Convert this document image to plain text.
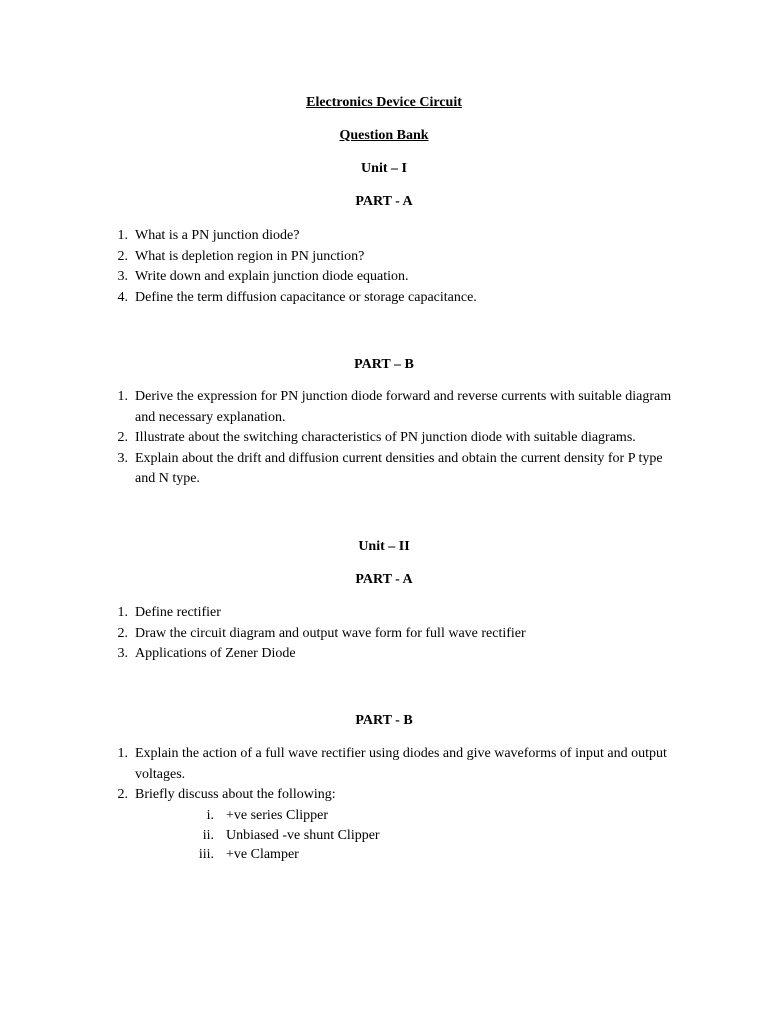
Electronics Device Circuit
Question Bank
Unit – I
PART - A
1. What is a PN junction diode?
2. What is depletion region in PN junction?
3. Write down and explain junction diode equation.
4. Define the term diffusion capacitance or storage capacitance.
PART – B
1. Derive the expression for PN junction diode forward and reverse currents with suitable diagram and necessary explanation.
2. Illustrate about the switching characteristics of PN junction diode with suitable diagrams.
3. Explain about the drift and diffusion current densities and obtain the current density for P type and N type.
Unit – II
PART - A
1. Define rectifier
2. Draw the circuit diagram and output wave form for full wave rectifier
3. Applications of Zener Diode
PART - B
1. Explain the action of a full wave rectifier using diodes and give waveforms of input and output voltages.
2. Briefly discuss about the following:
i. +ve series Clipper
ii. Unbiased -ve shunt Clipper
iii. +ve Clamper
